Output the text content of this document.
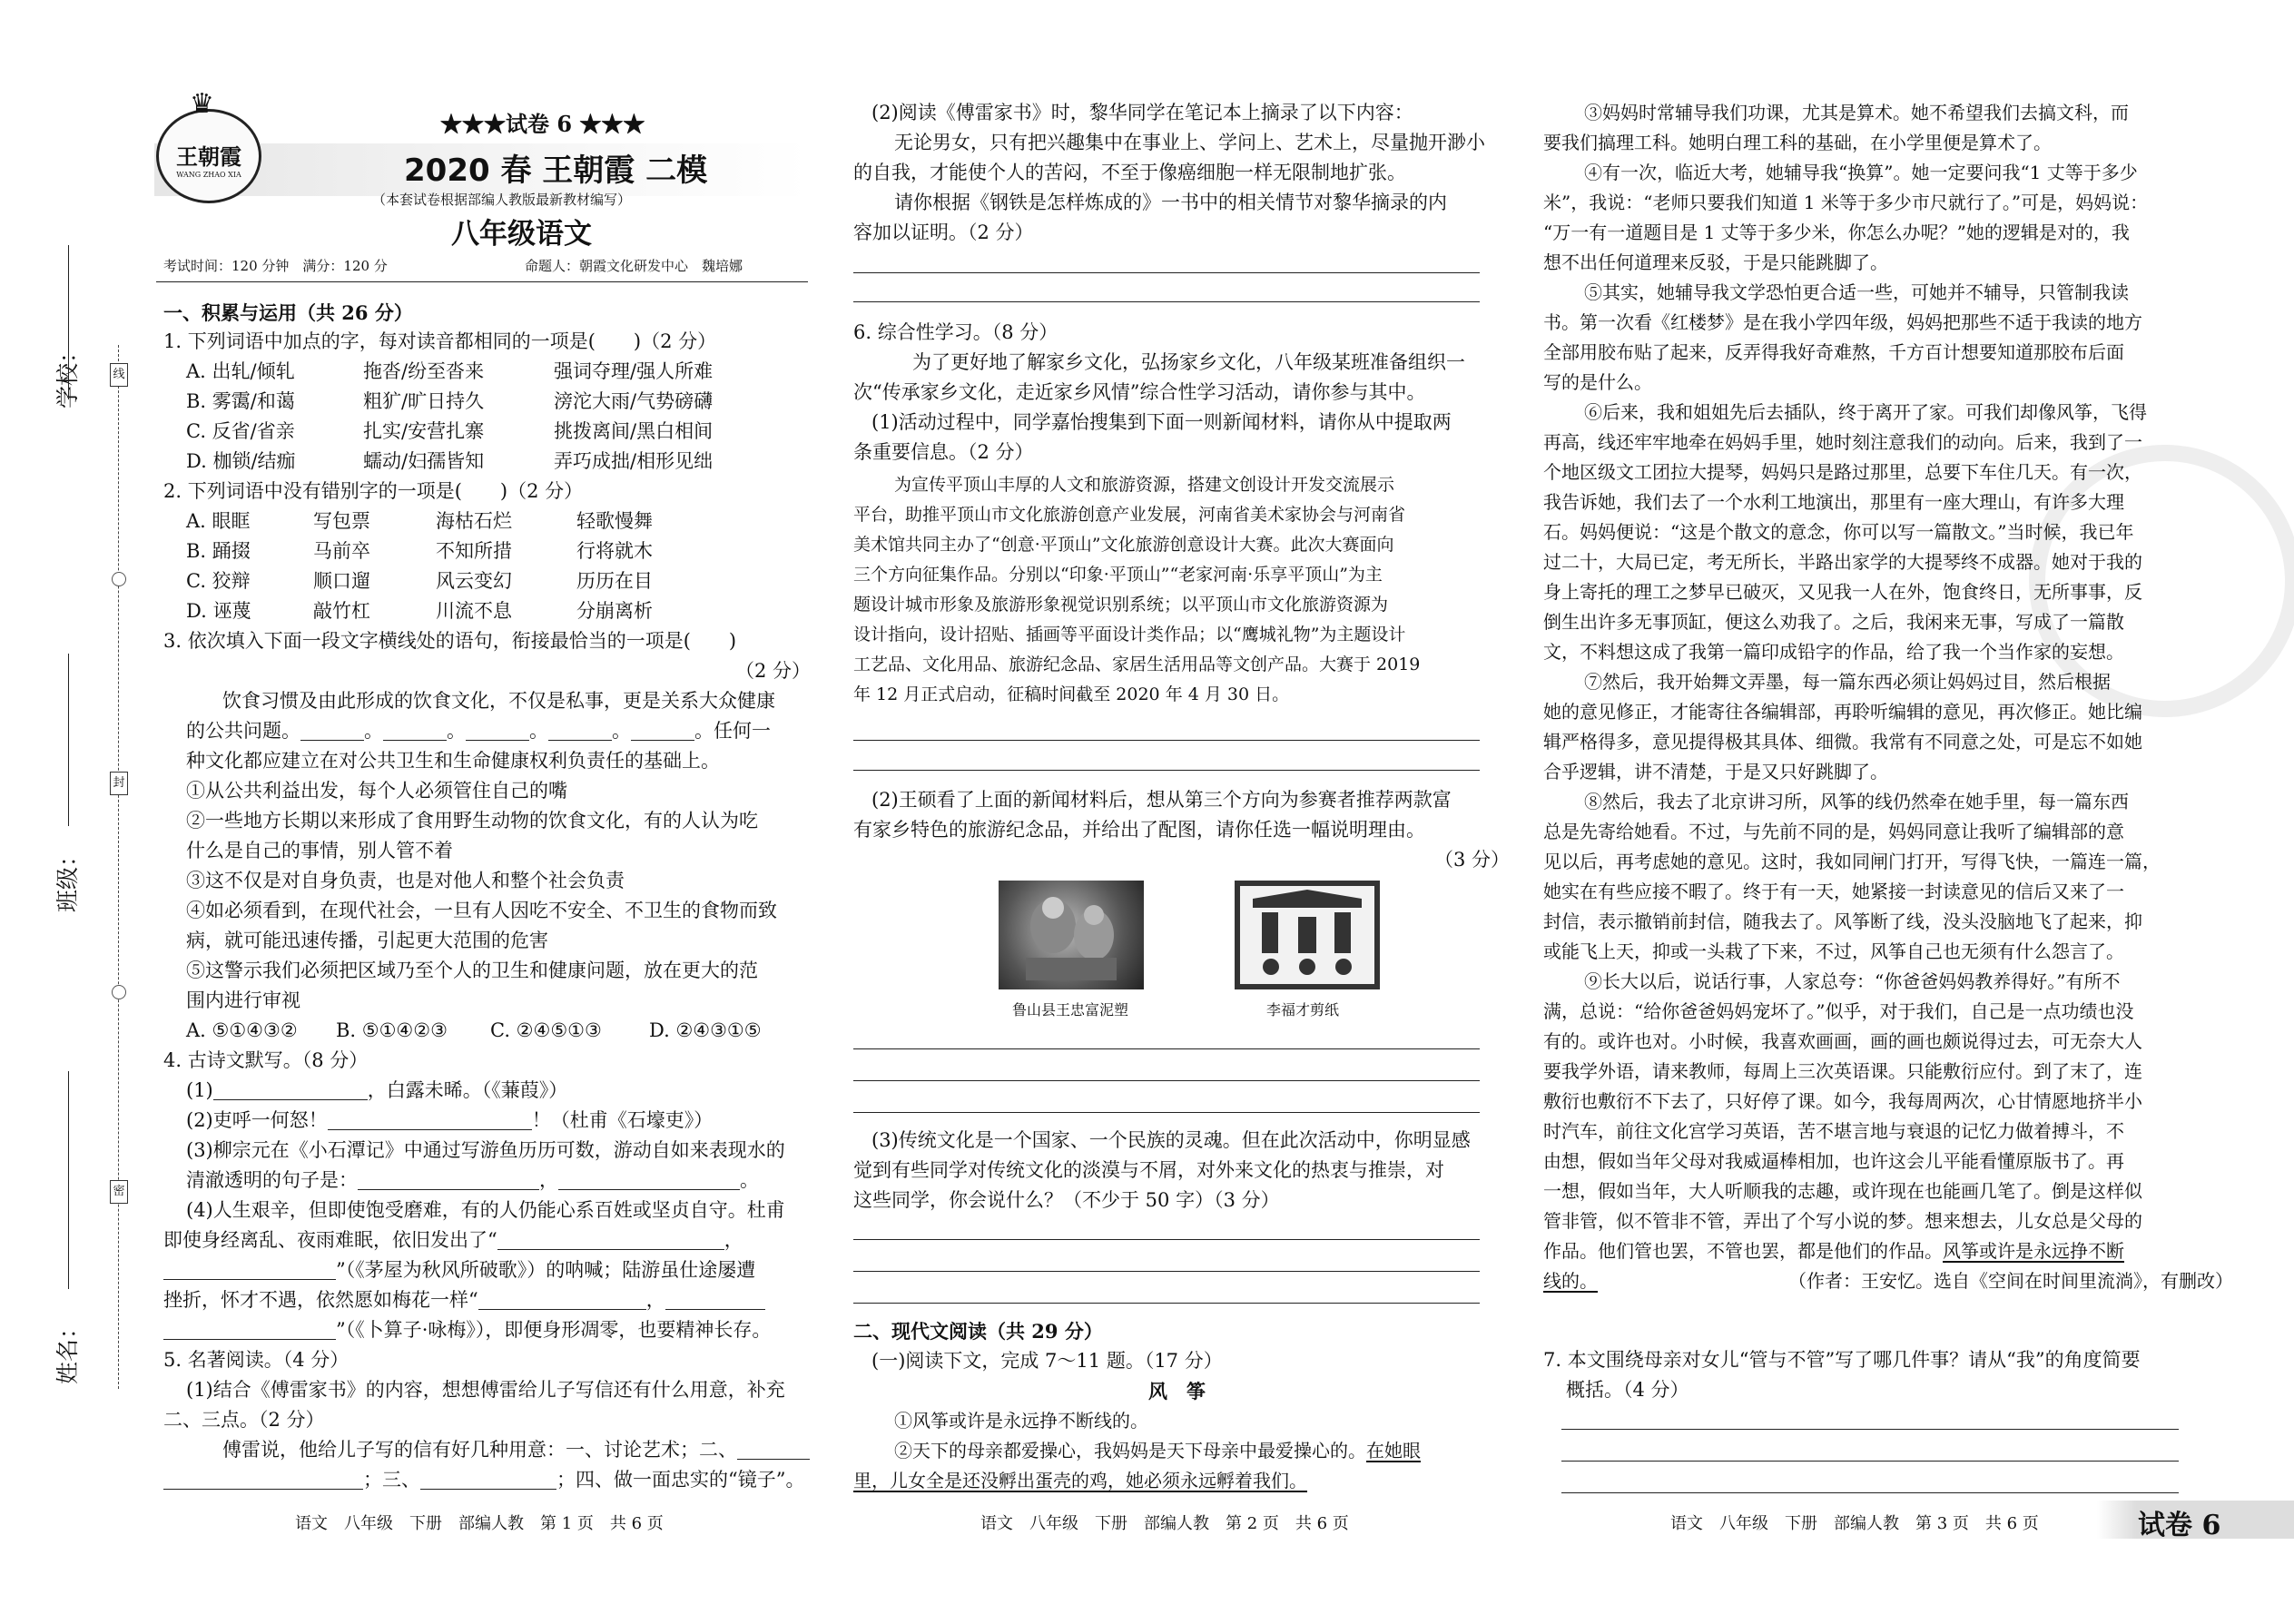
学校：
班级：
姓名：
线
封
密
♛
王朝霞
WANG ZHAO XIA
★★★试卷 6 ★★★
2020 春 王朝霞 二模
（本套试卷根据部编人教版最新教材编写）
八年级语文
考试时间：120 分钟　满分：120 分	命题人：朝霞文化研发中心　魏培娜
一、积累与运用（共 26 分）
1. 下列词语中加点的字，每对读音都相同的一项是(　　)（2 分）
A. 出轧/倾轧	拖沓/纷至沓来	强词夺理/强人所难
B. 雾霭/和蔼	粗犷/旷日持久	滂沱大雨/气势磅礴
C. 反省/省亲	扎实/安营扎寨	挑拨离间/黑白相间
D. 枷锁/结痂	蠕动/妇孺皆知	弄巧成拙/相形见绌
2. 下列词语中没有错别字的一项是(　　)（2 分）
A. 眼眶	写包票	海枯石烂	轻歌慢舞
B. 踊掇	马前卒	不知所措	行将就木
C. 狡辩	顺口遛	风云变幻	历历在目
D. 诬蔑	敲竹杠	川流不息	分崩离析
3. 依次填入下面一段文字横线处的语句，衔接最恰当的一项是(　　)
（2 分）
饮食习惯及由此形成的饮食文化，不仅是私事，更是关系大众健康
的公共问题。	。	。	。	。	。任何一
种文化都应建立在对公共卫生和生命健康权利负责任的基础上。
①从公共利益出发，每个人必须管住自己的嘴
②一些地方长期以来形成了食用野生动物的饮食文化，有的人认为吃
什么是自己的事情，别人管不着
③这不仅是对自身负责，也是对他人和整个社会负责
④如必须看到，在现代社会，一旦有人因吃不安全、不卫生的食物而致
病，就可能迅速传播，引起更大范围的危害
⑤这警示我们必须把区域乃至个人的卫生和健康问题，放在更大的范
围内进行审视
A. ⑤①④③② B. ⑤①④②③ C. ②④⑤①③ D. ②④③①⑤
4. 古诗文默写。（8 分）
(1)	，白露未晞。（《蒹葭》）
(2)吏呼一何怒！	！（杜甫《石壕吏》）
(3)柳宗元在《小石潭记》中通过写游鱼历历可数，游动自如来表现水的
清澈透明的句子是：	，	。
(4)人生艰辛，但即使饱受磨难，有的人仍能心系百姓或坚贞自守。杜甫
即使身经离乱、夜雨难眠，依旧发出了“	，
”（《茅屋为秋风所破歌》）的呐喊；陆游虽仕途屡遭
挫折，怀才不遇，依然愿如梅花一样“	，
”（《卜算子·咏梅》），即便身形凋零，也要精神长存。
5. 名著阅读。（4 分）
(1)结合《傅雷家书》的内容，想想傅雷给儿子写信还有什么用意，补充
二、三点。（2 分）
傅雷说，他给儿子写的信有好几种用意：一、讨论艺术；二、
；三、	；四、做一面忠实的“镜子”。
语文　八年级　下册　部编人教　第 1 页　共 6 页
(2)阅读《傅雷家书》时，黎华同学在笔记本上摘录了以下内容：
无论男女，只有把兴趣集中在事业上、学问上、艺术上，尽量抛开渺小
的自我，才能使个人的苦闷，不至于像癌细胞一样无限制地扩张。
请你根据《钢铁是怎样炼成的》一书中的相关情节对黎华摘录的内
容加以证明。（2 分）
6. 综合性学习。（8 分）
为了更好地了解家乡文化，弘扬家乡文化，八年级某班准备组织一
次“传承家乡文化，走近家乡风情”综合性学习活动，请你参与其中。
(1)活动过程中，同学嘉怡搜集到下面一则新闻材料，请你从中提取两
条重要信息。（2 分）
为宣传平顶山丰厚的人文和旅游资源，搭建文创设计开发交流展示
平台，助推平顶山市文化旅游创意产业发展，河南省美术家协会与河南省
美术馆共同主办了“创意·平顶山”文化旅游创意设计大赛。此次大赛面向
三个方向征集作品。分别以“印象·平顶山”“老家河南·乐享平顶山”为主
题设计城市形象及旅游形象视觉识别系统；以平顶山市文化旅游资源为
设计指向，设计招贴、插画等平面设计类作品；以“鹰城礼物”为主题设计
工艺品、文化用品、旅游纪念品、家居生活用品等文创产品。大赛于 2019
年 12 月正式启动，征稿时间截至 2020 年 4 月 30 日。
(2)王硕看了上面的新闻材料后，想从第三个方向为参赛者推荐两款富
有家乡特色的旅游纪念品，并给出了配图，请你任选一幅说明理由。
（3 分）
鲁山县王忠富泥塑	李福才剪纸
(3)传统文化是一个国家、一个民族的灵魂。但在此次活动中，你明显感
觉到有些同学对传统文化的淡漠与不屑，对外来文化的热衷与推崇，对
这些同学，你会说什么？（不少于 50 字）（3 分）
二、现代文阅读（共 29 分）
(一)阅读下文，完成 7～11 题。（17 分）
风　筝
①风筝或许是永远挣不断线的。
②天下的母亲都爱操心，我妈妈是天下母亲中最爱操心的。在她眼
里，儿女全是还没孵出蛋壳的鸡，她必须永远孵着我们。
语文　八年级　下册　部编人教　第 2 页　共 6 页
③妈妈时常辅导我们功课，尤其是算术。她不希望我们去搞文科，而
要我们搞理工科。她明白理工科的基础，在小学里便是算术了。
④有一次，临近大考，她辅导我“换算”。她一定要问我“1 丈等于多少
米”，我说：“老师只要我们知道 1 米等于多少市尺就行了。”可是，妈妈说：
“万一有一道题目是 1 丈等于多少米，你怎么办呢？”她的逻辑是对的，我
想不出任何道理来反驳，于是只能跳脚了。
⑤其实，她辅导我文学恐怕更合适一些，可她并不辅导，只管制我读
书。第一次看《红楼梦》是在我小学四年级，妈妈把那些不适于我读的地方
全部用胶布贴了起来，反弄得我好奇难熬，千方百计想要知道那胶布后面
写的是什么。
⑥后来，我和姐姐先后去插队，终于离开了家。可我们却像风筝，飞得
再高，线还牢牢地牵在妈妈手里，她时刻注意我们的动向。后来，我到了一
个地区级文工团拉大提琴，妈妈只是路过那里，总要下车住几天。有一次，
我告诉她，我们去了一个水利工地演出，那里有一座大理山，有许多大理
石。妈妈便说：“这是个散文的意念，你可以写一篇散文。”当时候，我已年
过二十，大局已定，考无所长，半路出家学的大提琴终不成器。她对于我的
身上寄托的理工之梦早已破灭，又见我一人在外，饱食终日，无所事事，反
倒生出许多无事顶缸，便这么劝我了。之后，我闲来无事，写成了一篇散
文，不料想这成了我第一篇印成铅字的作品，给了我一个当作家的妄想。
⑦然后，我开始舞文弄墨，每一篇东西必须让妈妈过目，然后根据
她的意见修正，才能寄往各编辑部，再聆听编辑的意见，再次修正。她比编
辑严格得多，意见提得极其具体、细微。我常有不同意之处，可是忘不如她
合乎逻辑，讲不清楚，于是又只好跳脚了。
⑧然后，我去了北京讲习所，风筝的线仍然牵在她手里，每一篇东西
总是先寄给她看。不过，与先前不同的是，妈妈同意让我听了编辑部的意
见以后，再考虑她的意见。这时，我如同闸门打开，写得飞快，一篇连一篇，
她实在有些应接不暇了。终于有一天，她紧接一封读意见的信后又来了一
封信，表示撤销前封信，随我去了。风筝断了线，没头没脑地飞了起来，抑
或能飞上天，抑或一头栽了下来，不过，风筝自己也无须有什么怨言了。
⑨长大以后，说话行事，人家总夸：“你爸爸妈妈教养得好。”有所不
满，总说：“给你爸爸妈妈宠坏了。”似乎，对于我们，自己是一点功绩也没
有的。或许也对。小时候，我喜欢画画，画的画也颇说得过去，可无奈大人
要我学外语，请来教师，每周上三次英语课。只能敷衍应付。到了末了，连
敷衍也敷衍不下去了，只好停了课。如今，我每周两次，心甘情愿地挤半小
时汽车，前往文化宫学习英语，苦不堪言地与衰退的记忆力做着搏斗，不
由想，假如当年父母对我威逼棒相加，也许这会儿平能看懂原版书了。再
一想，假如当年，大人听顺我的志趣，或许现在也能画几笔了。倒是这样似
管非管，似不管非不管，弄出了个写小说的梦。想来想去，儿女总是父母的
作品。他们管也罢，不管也罢，都是他们的作品。风筝或许是永远挣不断
线的。	（作者：王安忆。选自《空间在时间里流淌》，有删改）
7. 本文围绕母亲对女儿“管与不管”写了哪几件事？请从“我”的角度简要
概括。（4 分）
语文　八年级　下册　部编人教　第 3 页　共 6 页	试卷 6
